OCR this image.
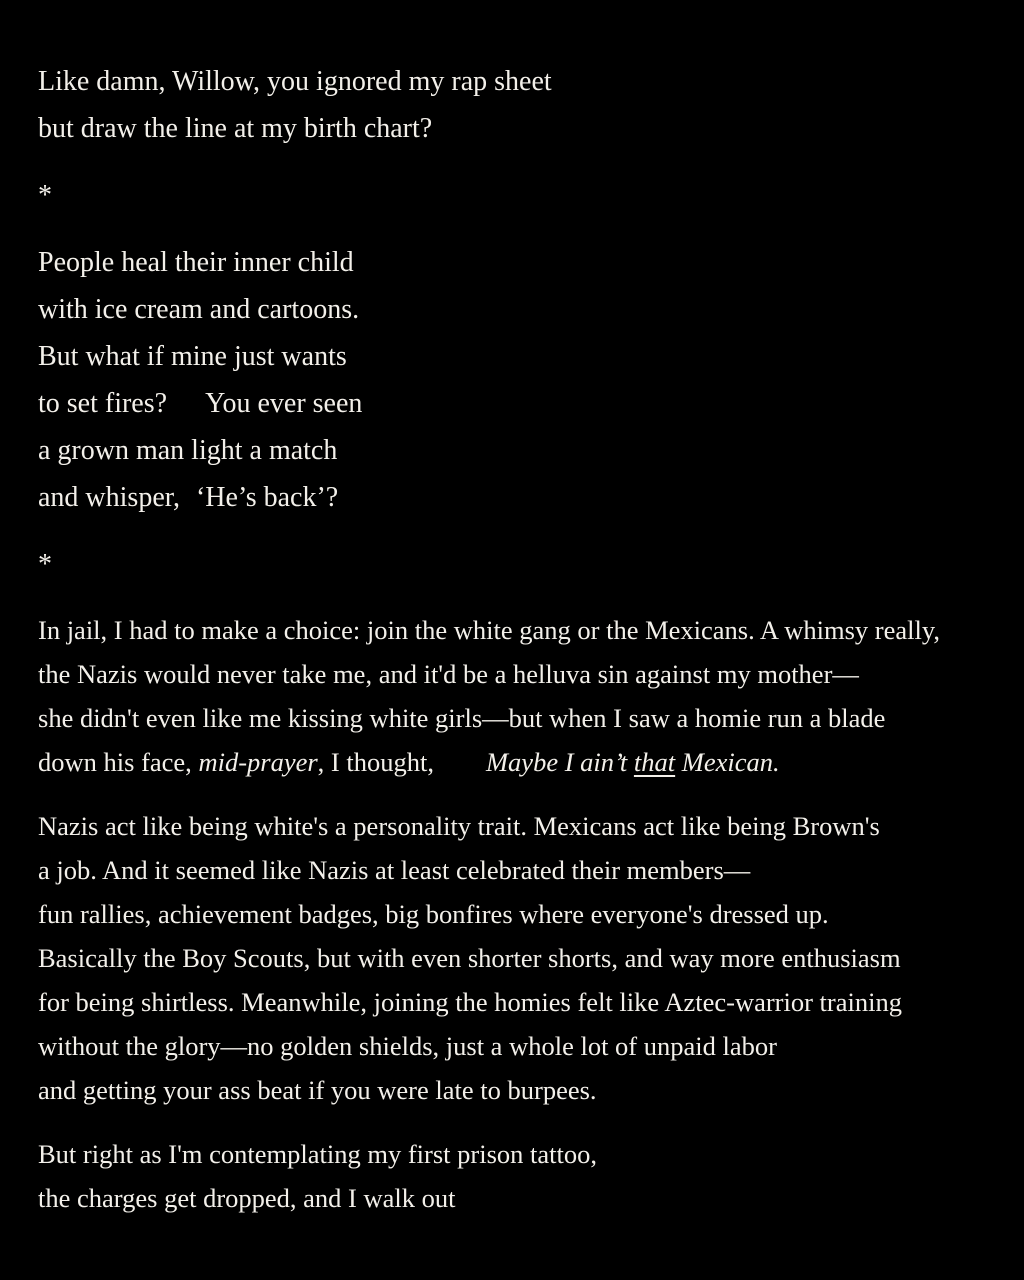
Like damn, Willow, you ignored my rap sheet
but draw the line at my birth chart?
*
People heal their inner child
with ice cream and cartoons.
But what if mine just wants
to set fires? You ever seen
a grown man light a match
and whisper, ‘He’s back’?
*
In jail, I had to make a choice: join the white gang or the Mexicans. A whimsy really,
the Nazis would never take me, and it'd be a helluva sin against my mother—
she didn't even like me kissing white girls—but when I saw a homie run a blade
down his face, mid-prayer, I thought, Maybe I ain’t that Mexican.
Nazis act like being white's a personality trait. Mexicans act like being Brown's
a job. And it seemed like Nazis at least celebrated their members—
fun rallies, achievement badges, big bonfires where everyone's dressed up.
Basically the Boy Scouts, but with even shorter shorts, and way more enthusiasm
for being shirtless. Meanwhile, joining the homies felt like Aztec-warrior training
without the glory—no golden shields, just a whole lot of unpaid labor
and getting your ass beat if you were late to burpees.
But right as I'm contemplating my first prison tattoo,
the charges get dropped, and I walk out
